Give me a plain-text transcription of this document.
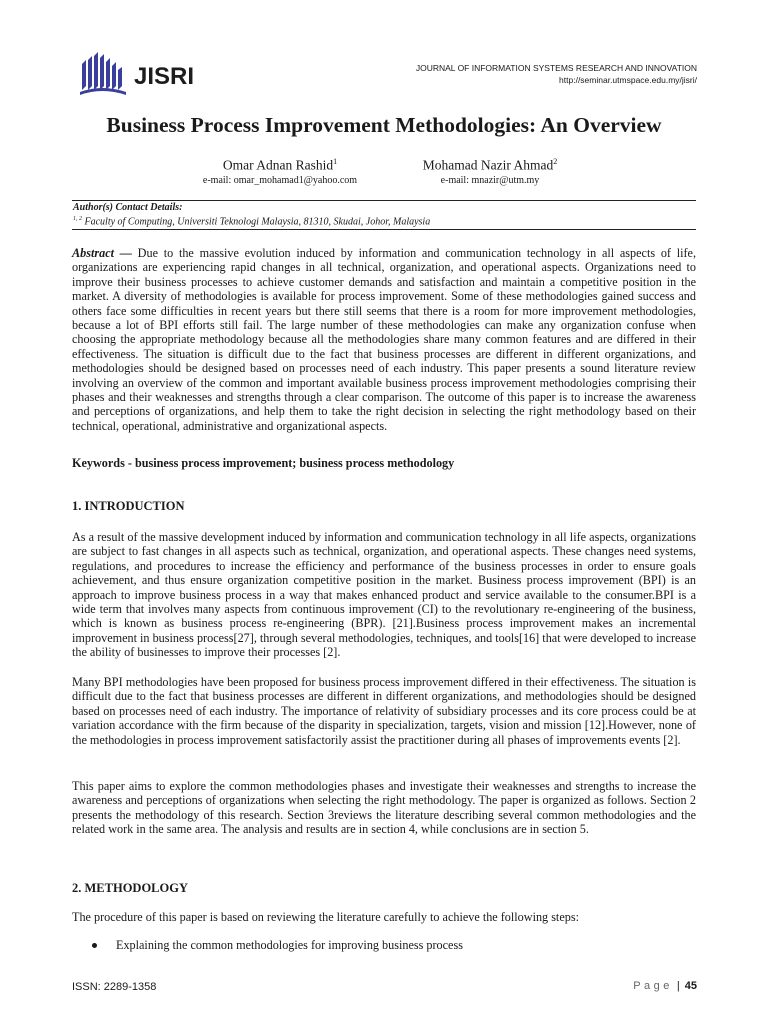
JISRI	JOURNAL OF INFORMATION SYSTEMS RESEARCH AND INNOVATION
http://seminar.utmspace.edu.my/jisri/
Business Process Improvement Methodologies: An Overview
Omar Adnan Rashid$^1$
e-mail: omar_mohamad1@yahoo.com
Mohamad Nazir Ahmad$^2$
e-mail: mnazir@utm.my
Author(s) Contact Details:
$^{1, 2}$ Faculty of Computing, Universiti Teknologi Malaysia, 81310, Skudai, Johor, Malaysia
Abstract — Due to the massive evolution induced by information and communication technology in all aspects of life, organizations are experiencing rapid changes in all technical, organization, and operational aspects. Organizations need to improve their business processes to achieve customer demands and satisfaction and maintain a competitive position in the market. A diversity of methodologies is available for process improvement. Some of these methodologies gained success and others face some difficulties in recent years but there still seems that there is a room for more improvement methodologies, because a lot of BPI efforts still fail. The large number of these methodologies can make any organization confuse when choosing the appropriate methodology because all the methodologies share many common features and are differed in their effectiveness. The situation is difficult due to the fact that business processes are different in different organizations, and methodologies should be designed based on processes need of each industry. This paper presents a sound literature review involving an overview of the common and important available business process improvement methodologies comprising their phases and their weaknesses and strengths through a clear comparison. The outcome of this paper is to increase the awareness and perceptions of organizations, and help them to take the right decision in selecting the right methodology based on their technical, operational, administrative and organizational aspects.
Keywords - business process improvement; business process methodology
1. INTRODUCTION

As a result of the massive development induced by information and communication technology in all life aspects, organizations are subject to fast changes in all aspects such as technical, organization, and operational aspects. These changes need systems, regulations, and procedures to increase the efficiency and performance of the business processes in order to ensure goals achievement, and thus ensure organization competitive position in the market. Business process improvement (BPI) is an approach to improve business process in a way that makes enhanced product and service available to the consumer.BPI is a wide term that involves many aspects from continuous improvement (CI) to the revolutionary re-engineering of the business, which is known as business process re-engineering (BPR). [21].Business process improvement makes an incremental improvement in business process[27], through several methodologies, techniques, and tools[16] that were developed to increase the ability of businesses to improve their processes [2].

Many BPI methodologies have been proposed for business process improvement differed in their effectiveness. The situation is difficult due to the fact that business processes are different in different organizations, and methodologies should be designed based on processes need of each industry. The importance of relativity of subsidiary processes and its core process could be at variation accordance with the firm because of the disparity in specialization, targets, vision and mission [12].However, none of the methodologies in process improvement satisfactorily assist the practitioner during all phases of improvements events [2].

This paper aims to explore the common methodologies phases and investigate their weaknesses and strengths to increase the awareness and perceptions of organizations when selecting the right methodology. The paper is organized as follows. Section 2 presents the methodology of this research. Section 3reviews the literature describing several common methodologies and the related work in the same area. The analysis and results are in section 4, while conclusions are in section 5.

2. METHODOLOGY

The procedure of this paper is based on reviewing the literature carefully to achieve the following steps:

Explaining the common methodologies for improving business process
ISSN: 2289-1358	Page | 45
